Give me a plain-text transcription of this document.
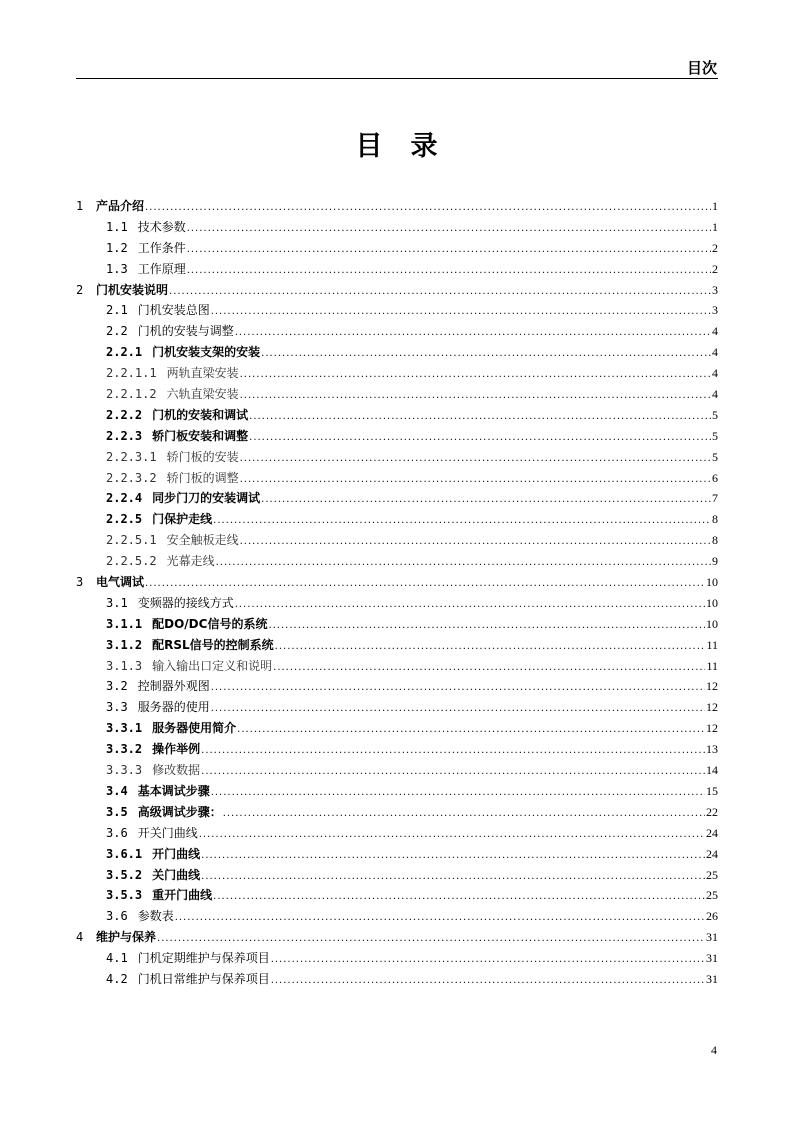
目次
目录
1	产品介绍 .....	1
1.1 技术参数 .....	1
1.2 工作条件 .....	2
1.3 工作原理 .....	2
2	门机安装说明 .....	3
2.1 门机安装总图 .....	3
2.2 门机的安装与调整 .....	4
2.2.1 门机安装支架的安装 .....	4
2.2.1.1 两轨直梁安装 .....	4
2.2.1.2 六轨直梁安装 .....	4
2.2.2 门机的安装和调试 .....	5
2.2.3 轿门板安装和调整 .....	5
2.2.3.1 轿门板的安装 .....	5
2.2.3.2 轿门板的调整 .....	6
2.2.4 同步门刀的安装调试 .....	7
2.2.5 门保护走线 .....	8
2.2.5.1 安全触板走线 .....	8
2.2.5.2 光幕走线 .....	9
3	电气调试 .....	10
3.1 变频器的接线方式 .....	10
3.1.1 配DO/DC信号的系统 .....	10
3.1.2 配RSL信号的控制系统 .....	11
3.1.3 输入输出口定义和说明 .....	11
3.2 控制器外观图 .....	12
3.3 服务器的使用 .....	12
3.3.1 服务器使用简介 .....	12
3.3.2 操作举例 .....	13
3.3.3 修改数据 .....	14
3.4 基本调试步骤 .....	15
3.5 高级调试步骤： .....	22
3.6 开关门曲线 .....	24
3.6.1 开门曲线 .....	24
3.5.2 关门曲线 .....	25
3.5.3 重开门曲线 .....	25
3.6 参数表 .....	26
4	维护与保养 .....	31
4.1 门机定期维护与保养项目 .....	31
4.2 门机日常维护与保养项目 .....	31
4
